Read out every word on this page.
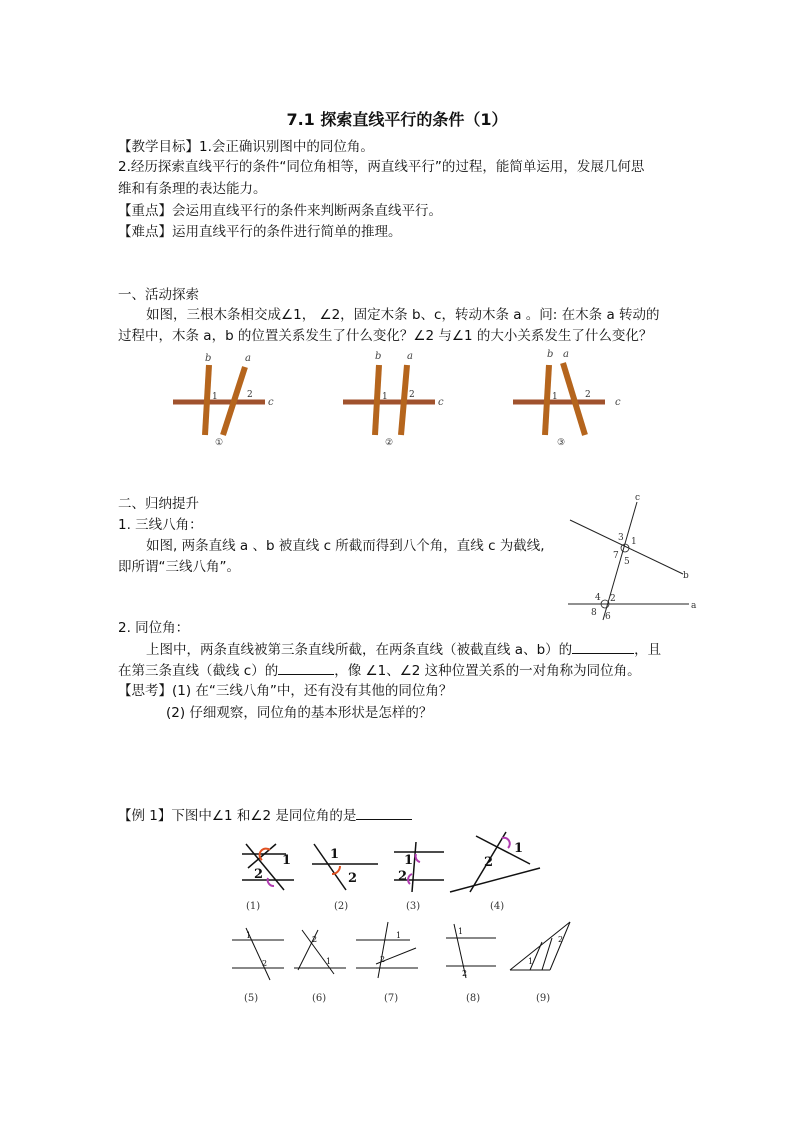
7.1 探索直线平行的条件（1）
【教学目标】1.会正确识别图中的同位角。
2.经历探索直线平行的条件“同位角相等，两直线平行”的过程，能简单运用，发展几何思
维和有条理的表达能力。
【重点】会运用直线平行的条件来判断两条直线平行。
【难点】运用直线平行的条件进行简单的推理。
一、活动探索
如图，三根木条相交成∠1， ∠2，固定木条 b、c，转动木条 a 。问: 在木条 a 转动的
过程中，木条 a，b 的位置关系发生了什么变化？∠2 与∠1 的大小关系发生了什么变化？
b	a
c
1	2
①
b	a
c
1 2
②
b a
c
1	2
③
二、归纳提升
1. 三线八角：
如图, 两条直线 a 、b 被直线 c 所截而得到八个角，直线 c 为截线,
即所谓“三线八角”。
c
b
a
1
3
7
5
4 2
8 6
2. 同位角：
上图中，两条直线被第三条直线所截，在两条直线（被截直线 a、b）的	，且
在第三条直线（截线 c）的	，像 ∠1、∠2 这种位置关系的一对角称为同位角。
【思考】(1) 在“三线八角”中，还有没有其他的同位角？
(2) 仔细观察，同位角的基本形状是怎样的？
【例 1】下图中∠1 和∠2 是同位角的是
1
2
1
2
1
2
1
2
(1)	(2)	(3)	(4)
1
2
2
1
1
2
1
2
1
2
(5)	(6)	(7)	(8)	(9)
